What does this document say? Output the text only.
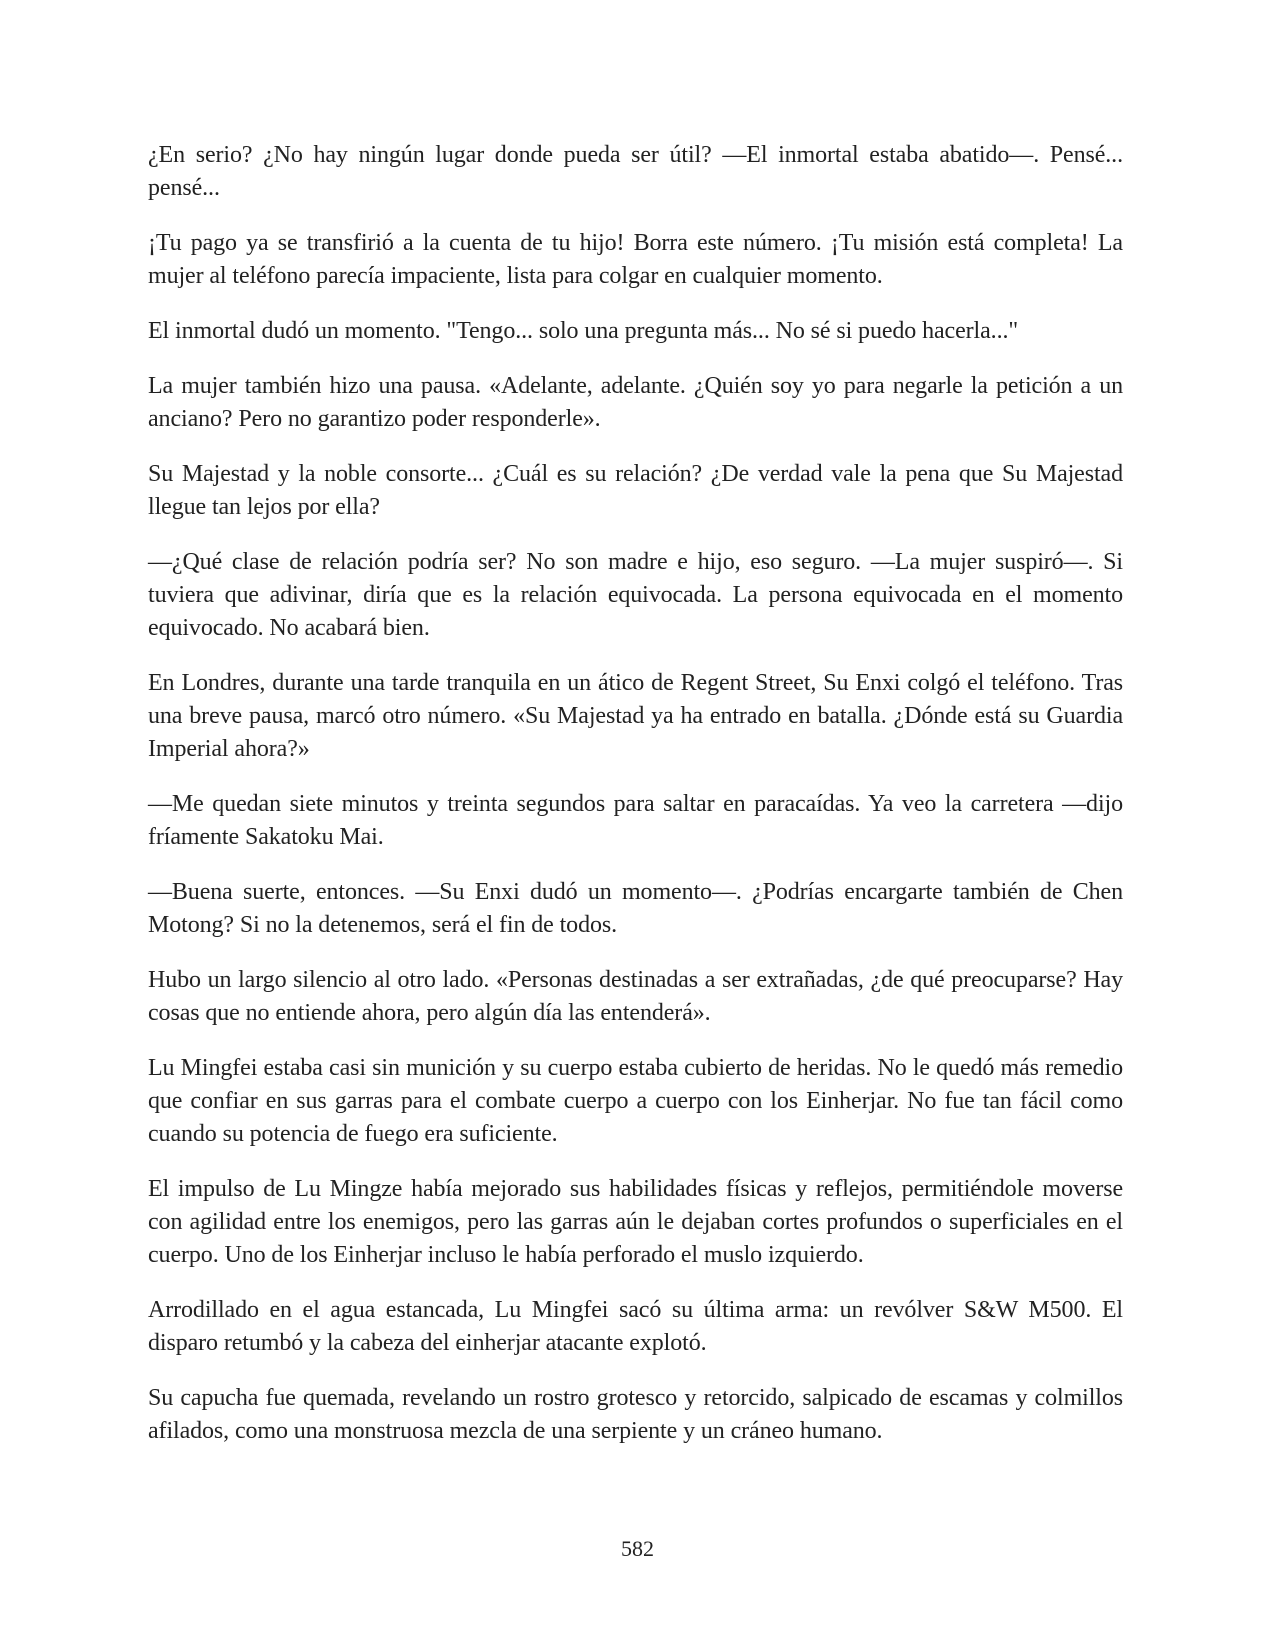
¿En serio? ¿No hay ningún lugar donde pueda ser útil? —El inmortal estaba abatido—. Pensé... pensé...

¡Tu pago ya se transfirió a la cuenta de tu hijo! Borra este número. ¡Tu misión está completa! La mujer al teléfono parecía impaciente, lista para colgar en cualquier momento.

El inmortal dudó un momento. "Tengo... solo una pregunta más... No sé si puedo hacerla..."

La mujer también hizo una pausa. «Adelante, adelante. ¿Quién soy yo para negarle la petición a un anciano? Pero no garantizo poder responderle».

Su Majestad y la noble consorte... ¿Cuál es su relación? ¿De verdad vale la pena que Su Majestad llegue tan lejos por ella?

—¿Qué clase de relación podría ser? No son madre e hijo, eso seguro. —La mujer suspiró—. Si tuviera que adivinar, diría que es la relación equivocada. La persona equivocada en el momento equivocado. No acabará bien.

En Londres, durante una tarde tranquila en un ático de Regent Street, Su Enxi colgó el teléfono. Tras una breve pausa, marcó otro número. «Su Majestad ya ha entrado en batalla. ¿Dónde está su Guardia Imperial ahora?»

—Me quedan siete minutos y treinta segundos para saltar en paracaídas. Ya veo la carretera —dijo fríamente Sakatoku Mai.

—Buena suerte, entonces. —Su Enxi dudó un momento—. ¿Podrías encargarte también de Chen Motong? Si no la detenemos, será el fin de todos.

Hubo un largo silencio al otro lado. «Personas destinadas a ser extrañadas, ¿de qué preocuparse? Hay cosas que no entiende ahora, pero algún día las entenderá».

Lu Mingfei estaba casi sin munición y su cuerpo estaba cubierto de heridas. No le quedó más remedio que confiar en sus garras para el combate cuerpo a cuerpo con los Einherjar. No fue tan fácil como cuando su potencia de fuego era suficiente.

El impulso de Lu Mingze había mejorado sus habilidades físicas y reflejos, permitiéndole moverse con agilidad entre los enemigos, pero las garras aún le dejaban cortes profundos o superficiales en el cuerpo. Uno de los Einherjar incluso le había perforado el muslo izquierdo.

Arrodillado en el agua estancada, Lu Mingfei sacó su última arma: un revólver S&W M500. El disparo retumbó y la cabeza del einherjar atacante explotó.

Su capucha fue quemada, revelando un rostro grotesco y retorcido, salpicado de escamas y colmillos afilados, como una monstruosa mezcla de una serpiente y un cráneo humano.

582
